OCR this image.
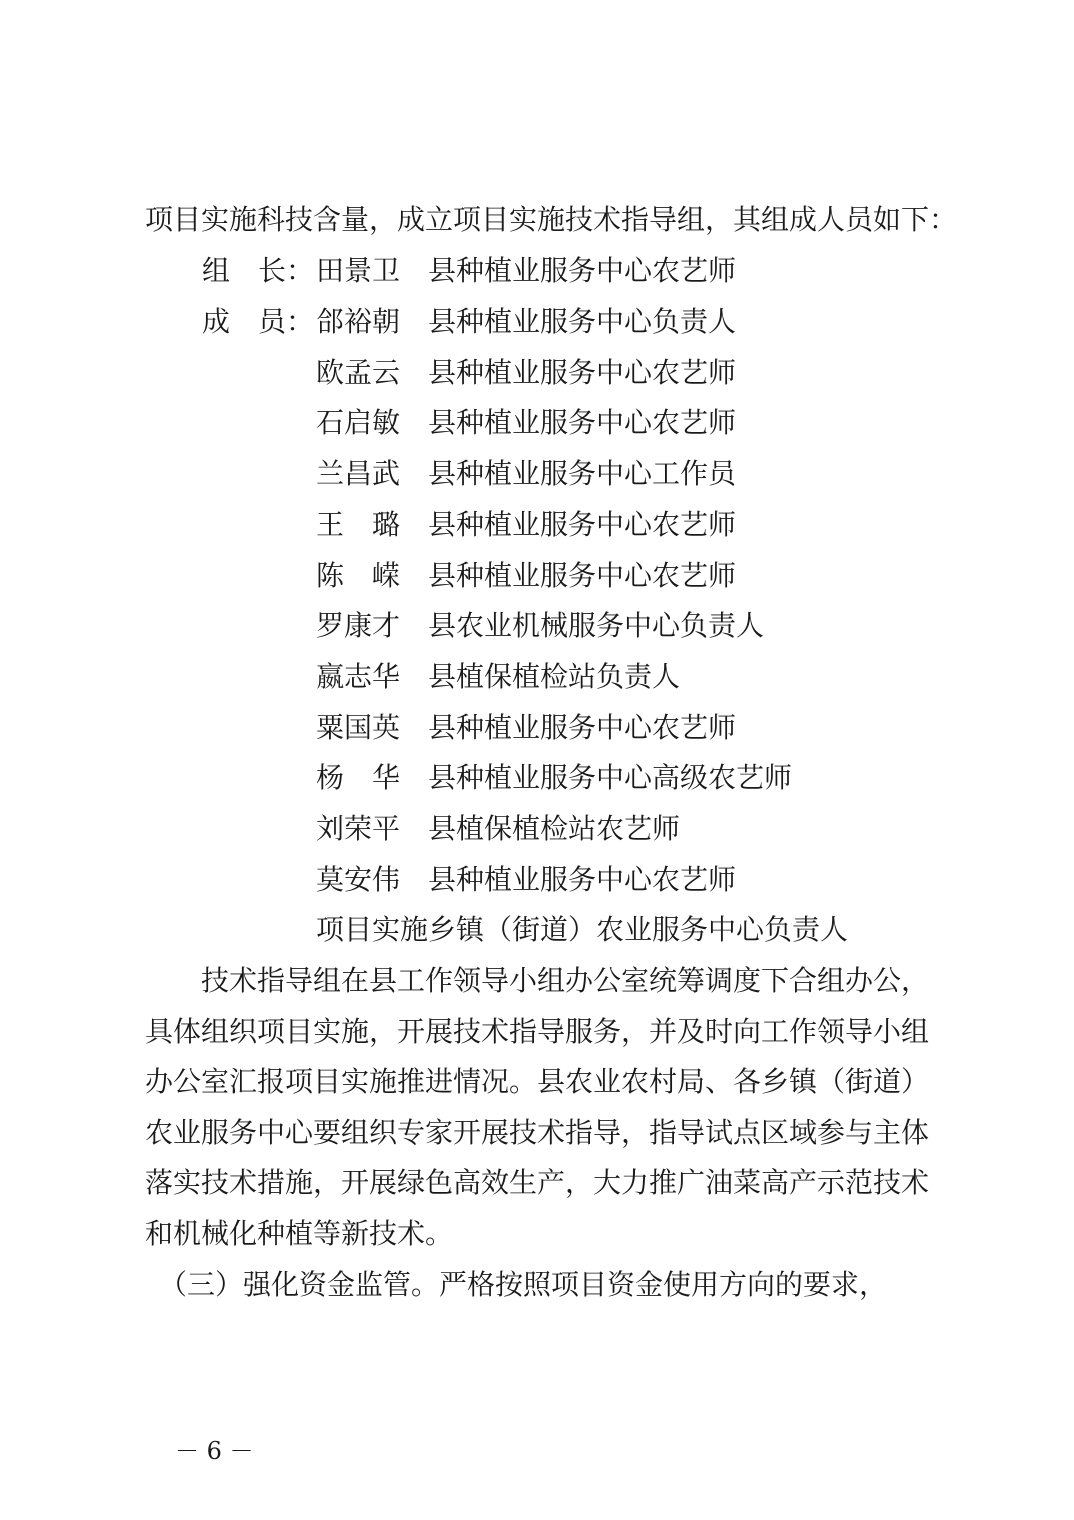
项目实施科技含量，成立项目实施技术指导组，其组成人员如下：
组　长： 田景卫 县种植业服务中心农艺师
成　员： 郃裕朝 县种植业服务中心负责人
欧孟云 县种植业服务中心农艺师
石启敏 县种植业服务中心农艺师
兰昌武 县种植业服务中心工作员
王　璐 县种植业服务中心农艺师
陈　嵘 县种植业服务中心农艺师
罗康才 县农业机械服务中心负责人
嬴志华 县植保植检站负责人
粟国英 县种植业服务中心农艺师
杨　华 县种植业服务中心高级农艺师
刘荣平 县植保植检站农艺师
莫安伟 县种植业服务中心农艺师
项目实施乡镇（街道）农业服务中心负责人
　　技术指导组在县工作领导小组办公室统筹调度下合组办公，
具体组织项目实施，开展技术指导服务，并及时向工作领导小组
办公室汇报项目实施推进情况。县农业农村局、各乡镇（街道）
农业服务中心要组织专家开展技术指导，指导试点区域参与主体
落实技术措施，开展绿色高效生产，大力推广油菜高产示范技术
和机械化种植等新技术。
　（三）强化资金监管。严格按照项目资金使用方向的要求，
－ 6 －
